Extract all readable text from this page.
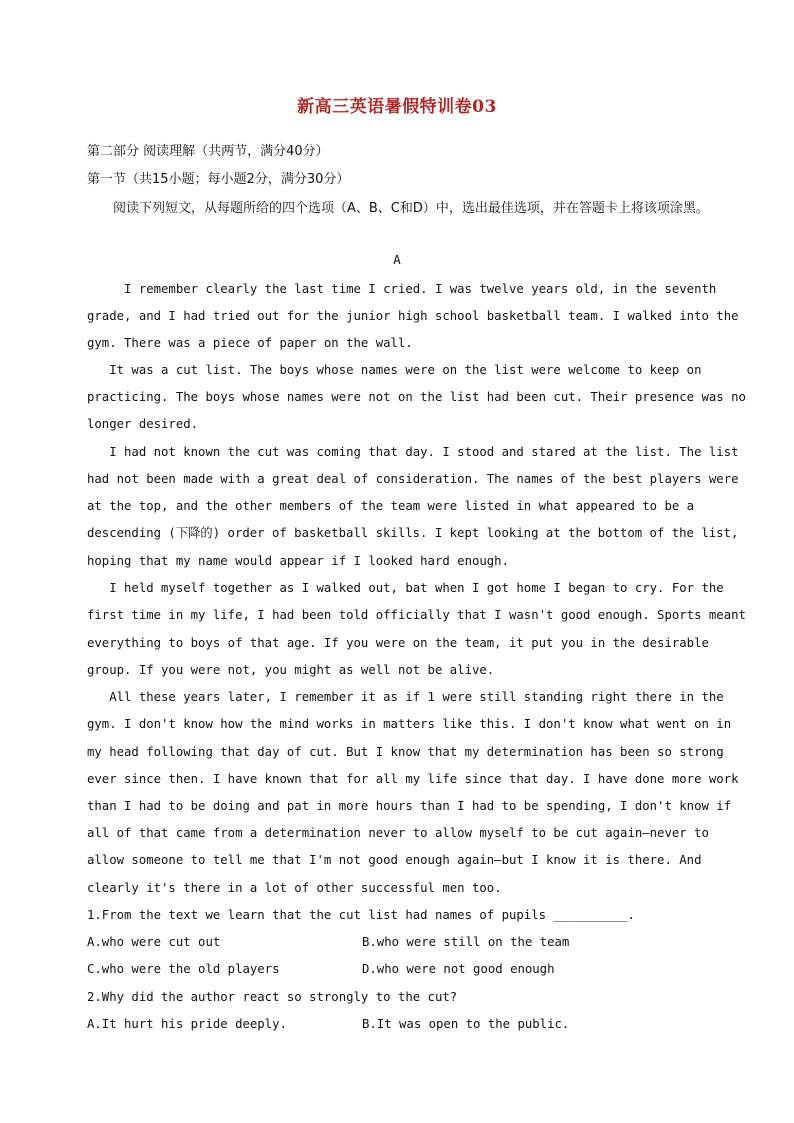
新高三英语暑假特训卷03
第二部分 阅读理解（共两节，满分40分）
第一节（共15小题；每小题2分，满分30分）
阅读下列短文，从每题所给的四个选项（A、B、C和D）中，选出最佳选项，并在答题卡上将该项涂黑。
A
I remember clearly the last time I cried. I was twelve years old, in the seventh
grade, and I had tried out for the junior high school basketball team. I walked into the
gym. There was a piece of paper on the wall.
It was a cut list. The boys whose names were on the list were welcome to keep on
practicing. The boys whose names were not on the list had been cut. Their presence was no
longer desired.
I had not known the cut was coming that day. I stood and stared at the list. The list
had not been made with a great deal of consideration. The names of the best players were
at the top, and the other members of the team were listed in what appeared to be a
descending (下降的) order of basketball skills. I kept looking at the bottom of the list,
hoping that my name would appear if I looked hard enough.
I held myself together as I walked out, bat when I got home I began to cry. For the
first time in my life, I had been told officially that I wasn't good enough. Sports meant
everything to boys of that age. If you were on the team, it put you in the desirable
group. If you were not, you might as well not be alive.
All these years later, I remember it as if 1 were still standing right there in the
gym. I don't know how the mind works in matters like this. I don't know what went on in
my head following that day of cut. But I know that my determination has been so strong
ever since then. I have known that for all my life since that day. I have done more work
than I had to be doing and pat in more hours than I had to be spending, I don't know if
all of that came from a determination never to allow myself to be cut again—never to
allow someone to tell me that I'm not good enough again—but I know it is there. And
clearly it's there in a lot of other successful men too.
1.From the text we learn that the cut list had names of pupils __________.
A.who were cut out	B.who were still on the team
C.who were the old players	D.who were not good enough
2.Why did the author react so strongly to the cut?
A.It hurt his pride deeply.	B.It was open to the public.
